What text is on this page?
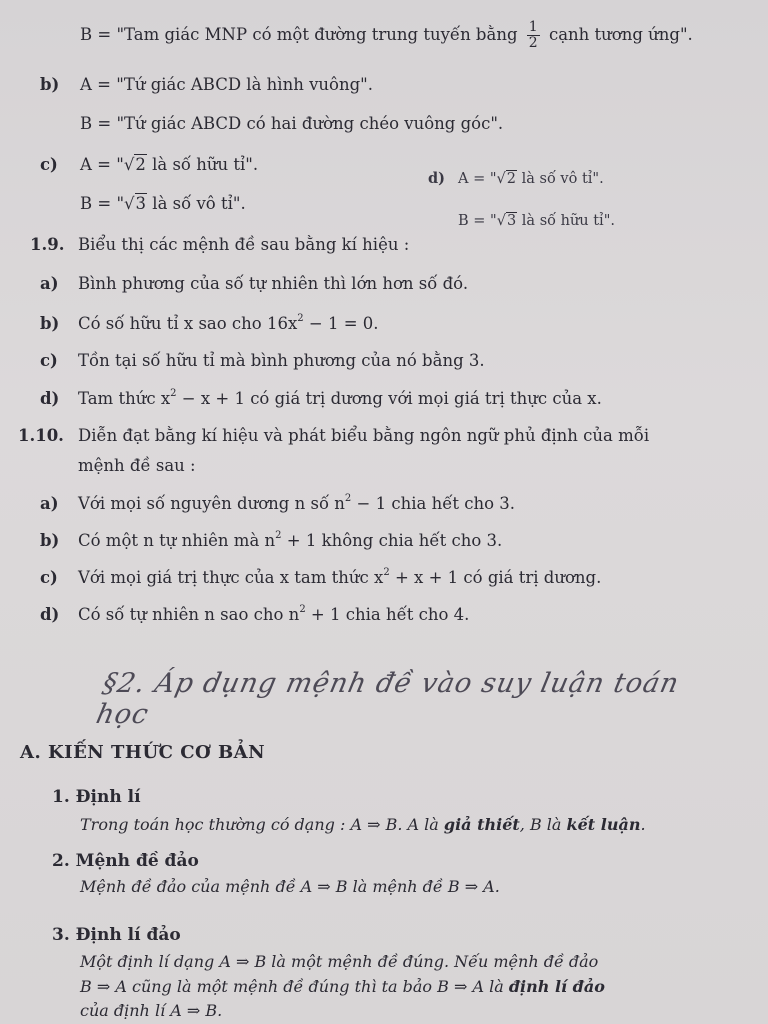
B = "Tam giác MNP có một đường trung tuyến bằng $\frac{1}{2}$ cạnh tương ứng".
b) A = "Tứ giác ABCD là hình vuông".
B = "Tứ giác ABCD có hai đường chéo vuông góc".
c) A = "√2 là số hữu tỉ".
d) A = "√2 là số vô tỉ".
B = "√3 là số vô tỉ".
B = "√3 là số hữu tỉ".
1.9. Biểu thị các mệnh đề sau bằng kí hiệu :
a) Bình phương của số tự nhiên thì lớn hơn số đó.
b) Có số hữu tỉ x sao cho $16x^2 - 1 = 0$.
c) Tồn tại số hữu tỉ mà bình phương của nó bằng 3.
d) Tam thức $x^2 - x + 1$ có giá trị dương với mọi giá trị thực của x.
1.10. Diễn đạt bằng kí hiệu và phát biểu bằng ngôn ngữ phủ định của mỗi
mệnh đề sau :
a) Với mọi số nguyên dương n số $n^2 - 1$ chia hết cho 3.
b) Có một n tự nhiên mà $n^2 + 1$ không chia hết cho 3.
c) Với mọi giá trị thực của x tam thức $x^2 + x + 1$ có giá trị dương.
d) Có số tự nhiên n sao cho $n^2 + 1$ chia hết cho 4.
§2. Áp dụng mệnh đề vào suy luận toán học
A. KIẾN THỨC CƠ BẢN
1. Định lí
Trong toán học thường có dạng : A ⇒ B. A là giả thiết, B là kết luận.
2. Mệnh đề đảo
Mệnh đề đảo của mệnh đề A ⇒ B là mệnh đề B ⇒ A.
3. Định lí đảo
Một định lí dạng A ⇒ B là một mệnh đề đúng. Nếu mệnh đề đảo
B ⇒ A cũng là một mệnh đề đúng thì ta bảo B ⇒ A là định lí đảo
của định lí A ⇒ B.
